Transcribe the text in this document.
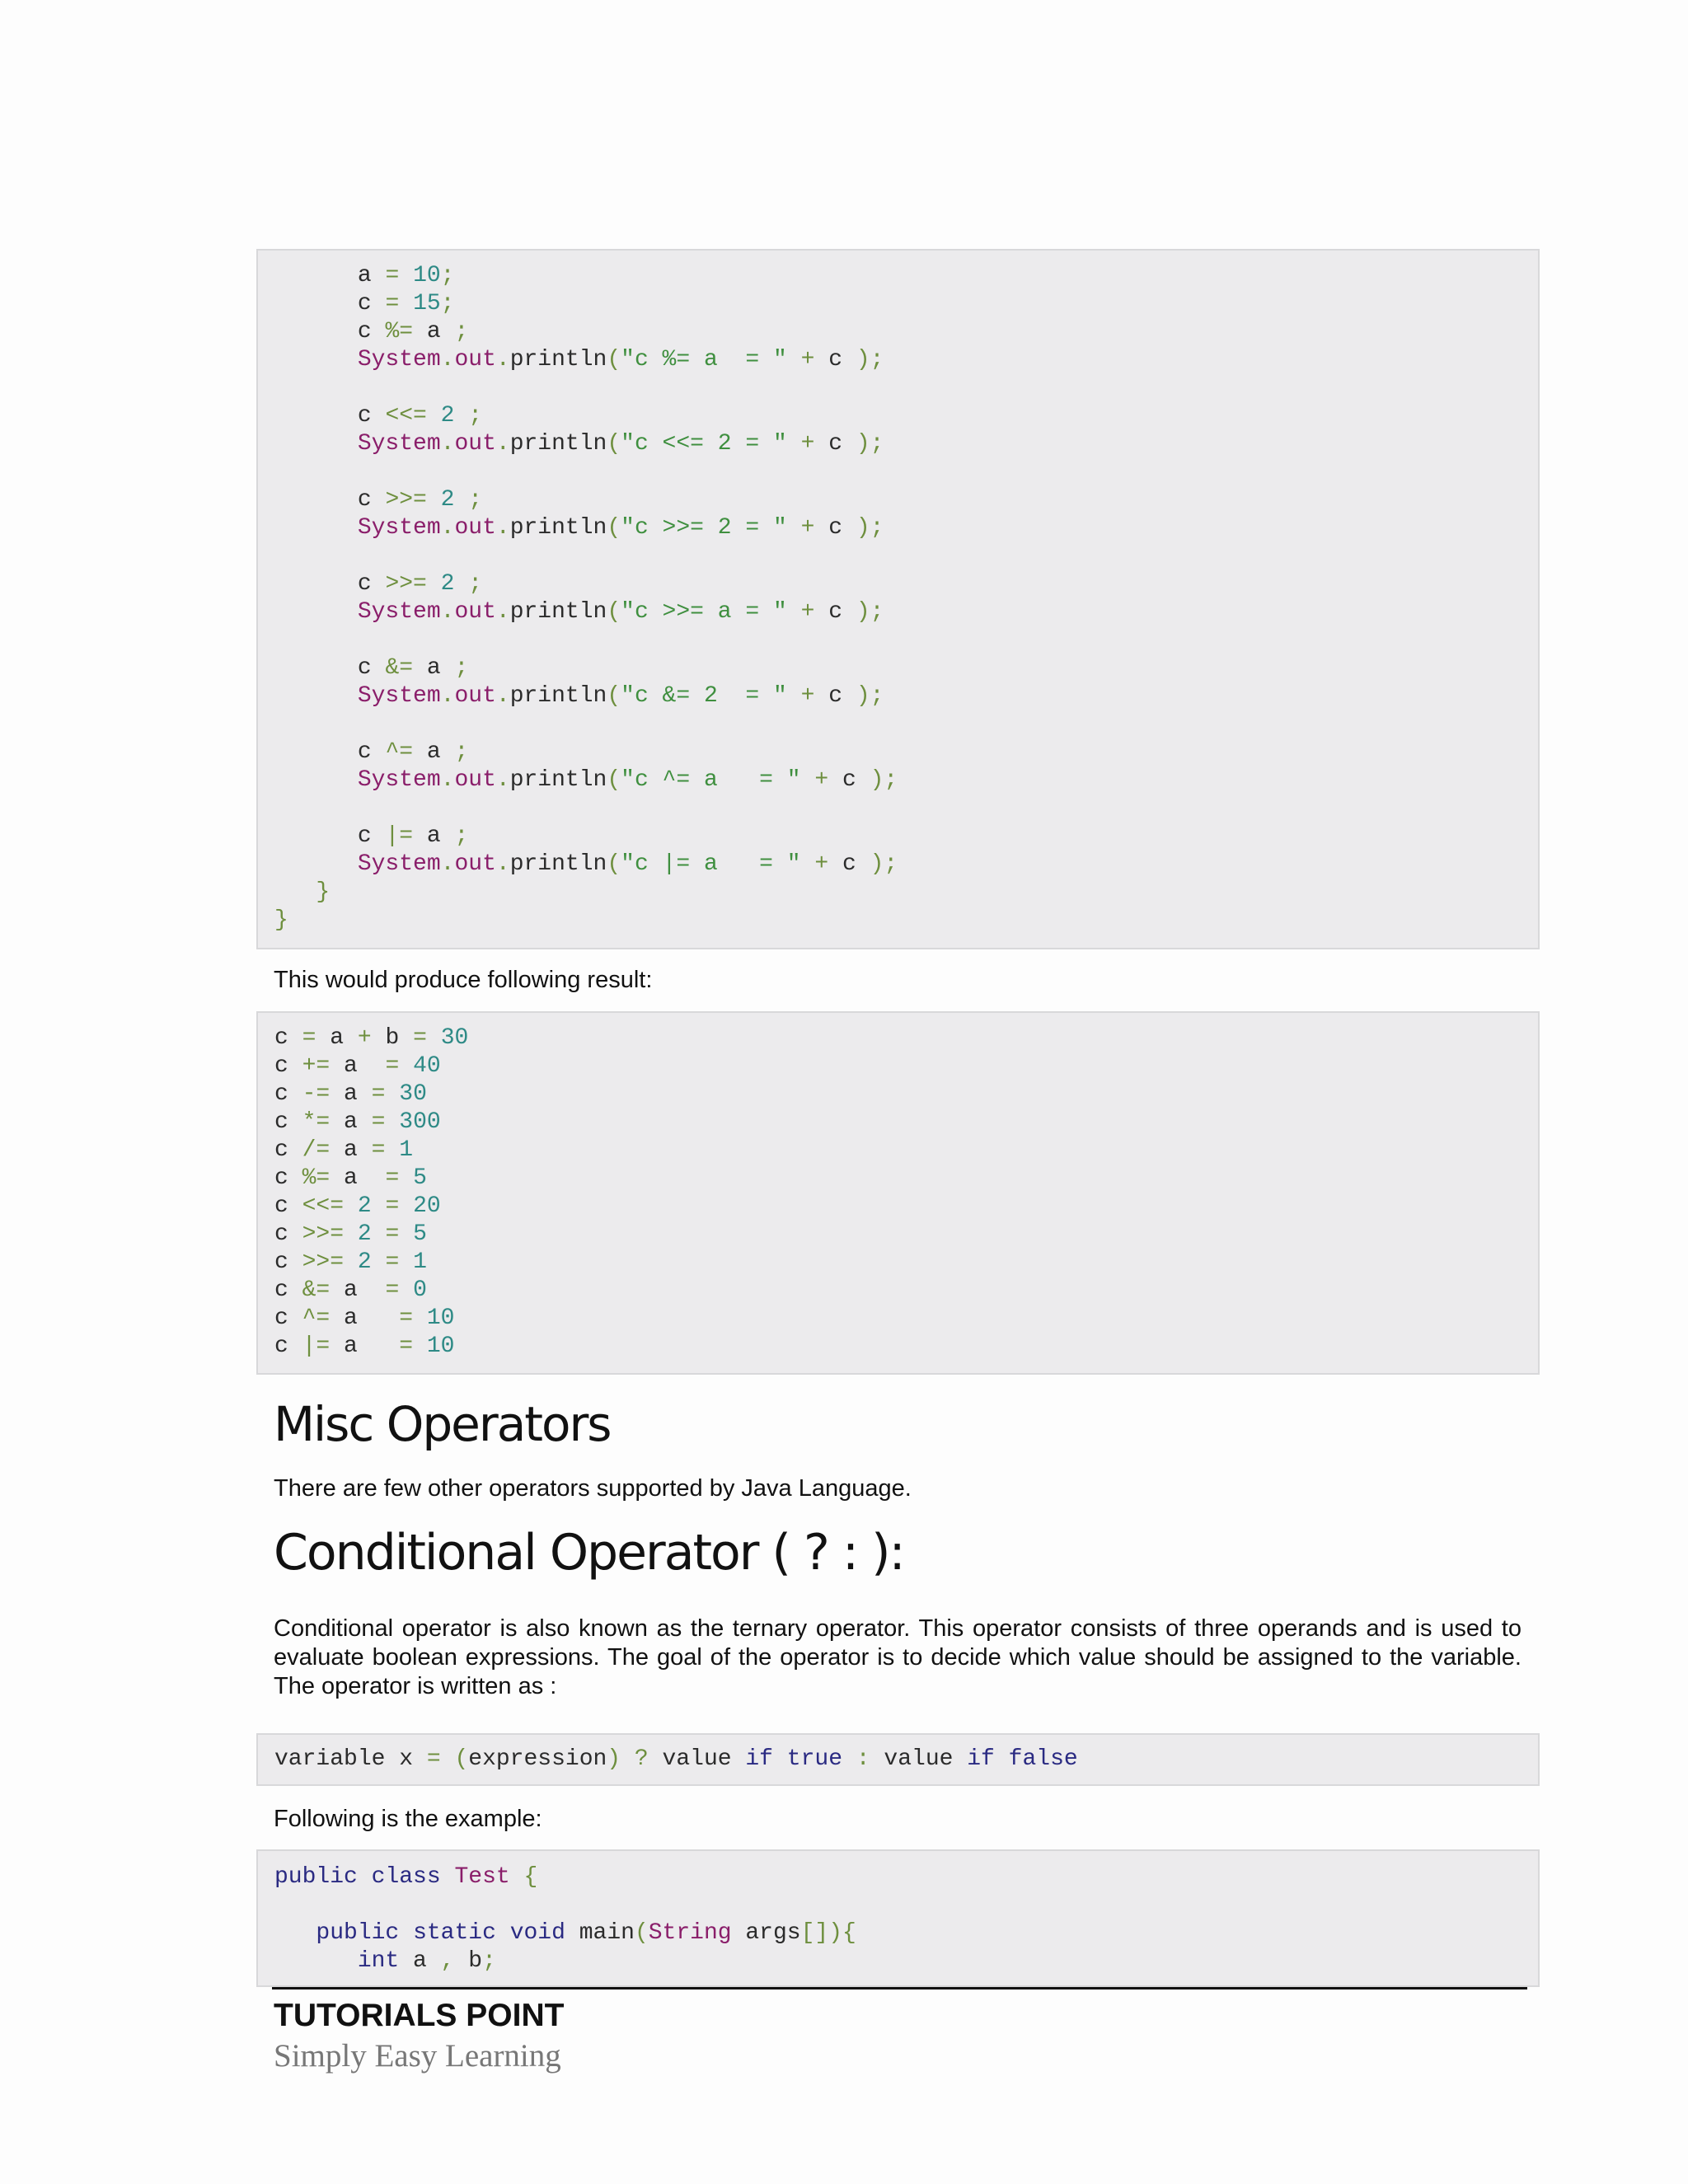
a = 10;
c = 15;
c %= a ;
System.out.println("c %= a  = " + c );
c <<= 2 ;
System.out.println("c <<= 2 = " + c );
c >>= 2 ;
System.out.println("c >>= 2 = " + c );
c >>= 2 ;
System.out.println("c >>= a = " + c );
c &= a ;
System.out.println("c &= 2  = " + c );
c ^= a ;
System.out.println("c ^= a   = " + c );
c |= a ;
System.out.println("c |= a   = " + c );
}
}
This would produce following result:
c = a + b = 30
c += a  = 40
c -= a = 30
c *= a = 300
c /= a = 1
c %= a  = 5
c <<= 2 = 20
c >>= 2 = 5
c >>= 2 = 1
c &= a  = 0
c ^= a   = 10
c |= a   = 10
Misc Operators
There are few other operators supported by Java Language.
Conditional Operator ( ? : ):
Conditional operator is also known as the ternary operator. This operator consists of three operands and is used to evaluate boolean expressions. The goal of the operator is to decide which value should be assigned to the variable. The operator is written as :
variable x = (expression) ? value if true : value if false
Following is the example:
public class Test {
public static void main(String args[]){
int a , b;
TUTORIALS POINT
Simply Easy Learning
